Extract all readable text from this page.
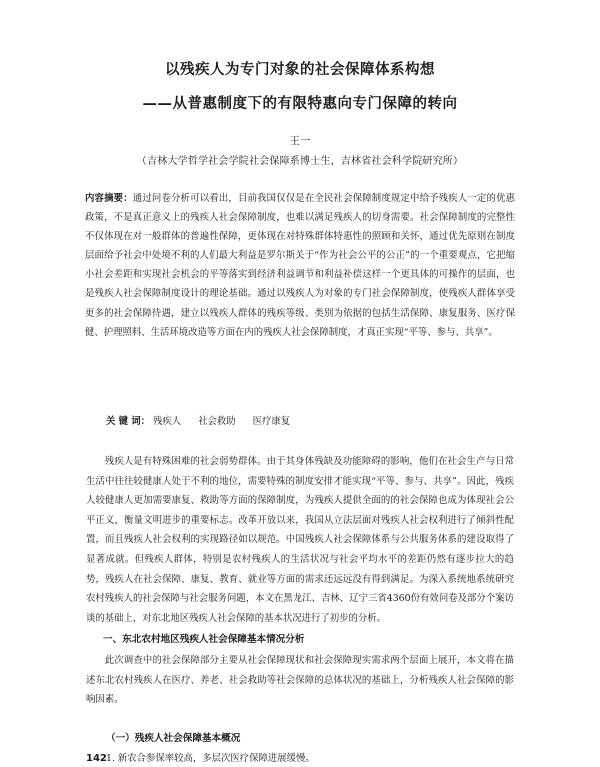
以残疾人为专门对象的社会保障体系构想
——从普惠制度下的有限特惠向专门保障的转向
王一
（吉林大学哲学社会学院社会保障系博士生，吉林省社会科学院研究所）
内容摘要：通过问卷分析可以看出，目前我国仅仅是在全民社会保障制度规定中给予残疾人一定的优惠政策，不是真正意义上的残疾人社会保障制度，也难以满足残疾人的切身需要。社会保障制度的完整性不仅体现在对一般群体的普遍性保障，更体现在对特殊群体特惠性的照顾和关怀，通过优先原则在制度层面给予社会中处境不利的人们最大利益是罗尔斯关于“作为社会公平的公正”的一个重要观点，它把缩小社会差距和实现社会机会的平等落实到经济利益调节和利益补偿这样一个更具体的可操作的层面，也是残疾人社会保障制度设计的理论基础。通过以残疾人为对象的专门社会保障制度，使残疾人群体享受更多的社会保障待遇，建立以残疾人群体的残疾等级、类别为依据的包括生活保障、康复服务、医疗保健、护理照料、生活环境改造等方面在内的残疾人社会保障制度，才真正实现“平等、参与、共享”。
关 键 词： 残疾人 社会救助 医疗康复

残疾人是有特殊困难的社会弱势群体。由于其身体残缺及功能障碍的影响，他们在社会生产与日常生活中往往较健康人处于不利的地位，需要特殊的制度安排才能实现“平等、参与、共享”。因此，残疾人较健康人更加需要康复、救助等方面的保障制度，为残疾人提供全面的的社会保障也成为体现社会公平正义，衡量文明进步的重要标志。改革开放以来，我国从立法层面对残疾人社会权利进行了倾斜性配置，而且残疾人社会权利的实现路径如以规范。中国残疾人社会保障体系与公共服务体系的建设取得了显著成就。但残疾人群体，特别是农村残疾人的生活状况与社会平均水平的差距仍然有逐步拉大的趋势，残疾人在社会保障、康复、教育、就业等方面的需求还远远没有得到满足。为深入系统地系统研究农村残疾人的社会保障与社会服务问题，本文在黑龙江、吉林、辽宁三省4360份有效问卷及部分个案访谈的基础上，对东北地区残疾人社会保障的基本状况进行了初步的分析。

一、东北农村地区残疾人社会保障基本情况分析

此次调查中的社会保障部分主要从社会保障现状和社会保障现实需求两个层面上展开，本文将在描述东北农村残疾人在医疗、养老、社会救助等社会保障的总体状况的基础上，分析残疾人社会保障的影响因素。

（一）残疾人社会保障基本概况
1. 新农合参保率较高，多层次医疗保障进展缓慢。
142
